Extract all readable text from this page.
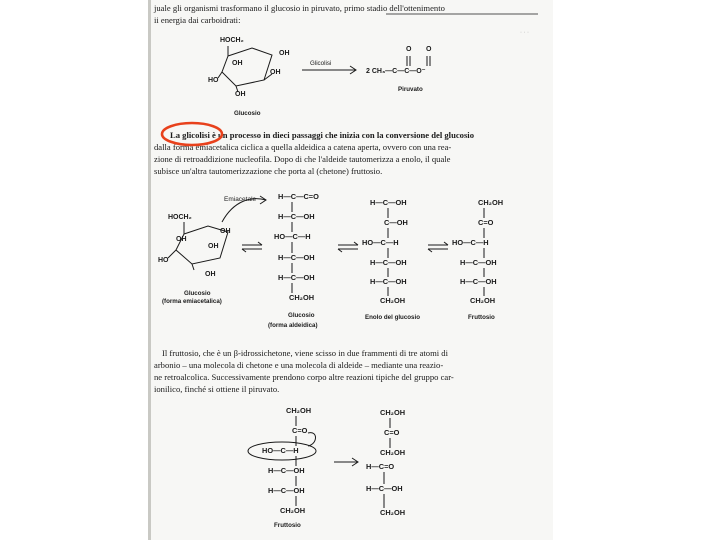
juale gli organismi trasformano il glucosio in piruvato, primo stadio dell'ottenimento
ii energia dai carboidrati:
HOCH₂
OH
OH
OH
HO
OH
Glucosio
Glicolisi
O O
2 CH₃—C—C—O⁻
Piruvato
La glicolisi è un processo in dieci passaggi che inizia con la conversione del glucosio
dalla forma emiacetalica ciclica a quella aldeidica a catena aperta, ovvero con una rea-
zione di retroaddizione nucleofila. Dopo di che l'aldeide tautomerizza a enolo, il quale
subisce un'altra tautomerizzazione che porta al (chetone) fruttosio.
Emiacetale
HOCH₂
OH
OH
OH
HO
OH
Glucosio
(forma emiacetalica)
H—C—C=O
H—C—OH
HO—C—H
H—C—OH
H—C—OH
CH₂OH
Glucosio
(forma aldeidica)
H—C—OH
C—OH
HO—C—H
H—C—OH
H—C—OH
CH₂OH
Enolo del glucosio
CH₂OH
C=O
HO—C—H
H—C—OH
H—C—OH
CH₂OH
Fruttosio
Il fruttosio, che è un β-idrossichetone, viene scisso in due frammenti di tre atomi di
arbonio – una molecola di chetone e una molecola di aldeide – mediante una reazio-
ne retroalcolica. Successivamente prendono corpo altre reazioni tipiche del gruppo car-
ionilico, finché si ottiene il piruvato.
CH₂OH
C=O
HO—C—H
H—C—OH
H—C—OH
CH₂OH
Fruttosio
CH₂OH
C=O
CH₂OH
H—C=O
H—C—OH
CH₂OH
· · ·
